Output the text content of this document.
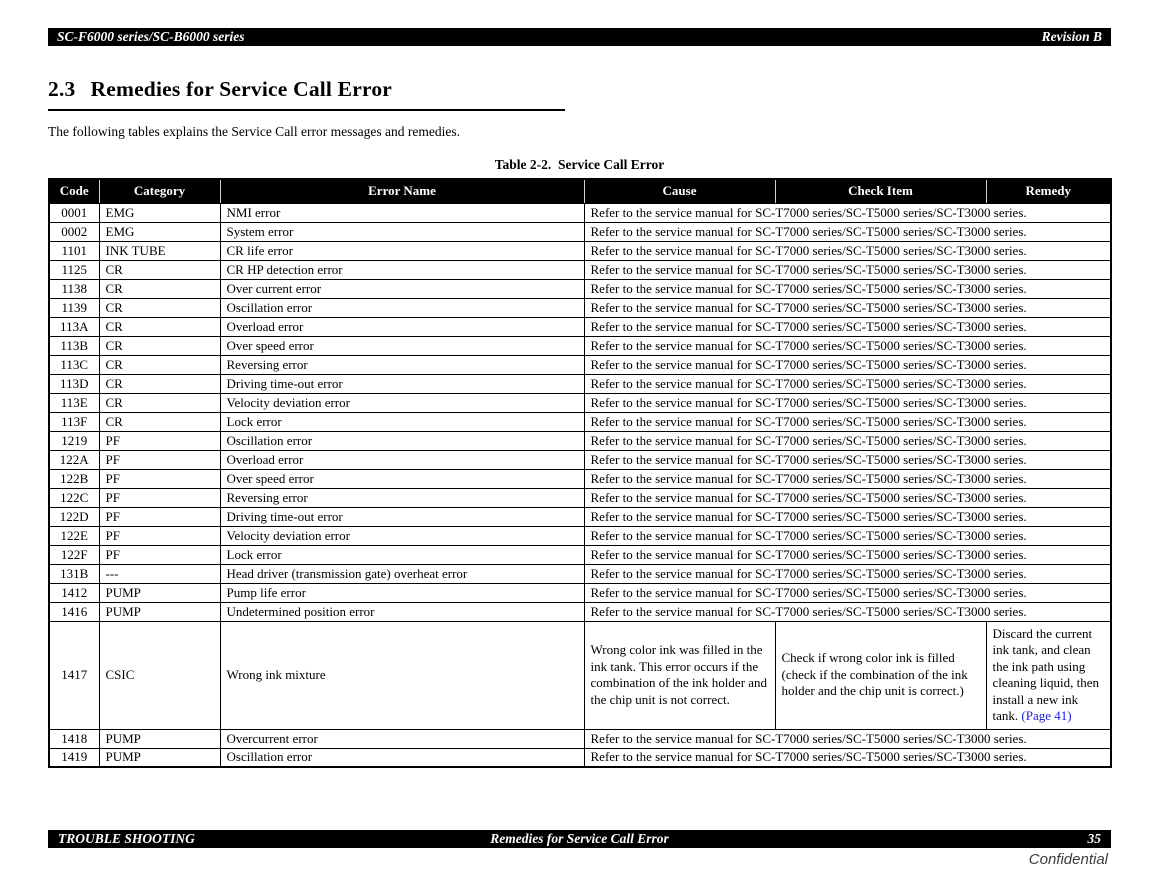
SC-F6000 series/SC-B6000 series	Revision B
2.3 Remedies for Service Call Error

The following tables explains the Service Call error messages and remedies.

Table 2-2.  Service Call Error
Code	Category	Error Name	Cause	Check Item	Remedy
0001	EMG	NMI error	Refer to the service manual for SC-T7000 series/SC-T5000 series/SC-T3000 series.		
0002	EMG	System error	Refer to the service manual for SC-T7000 series/SC-T5000 series/SC-T3000 series.		
1101	INK TUBE	CR life error	Refer to the service manual for SC-T7000 series/SC-T5000 series/SC-T3000 series.		
1125	CR	CR HP detection error	Refer to the service manual for SC-T7000 series/SC-T5000 series/SC-T3000 series.		
1138	CR	Over current error	Refer to the service manual for SC-T7000 series/SC-T5000 series/SC-T3000 series.		
1139	CR	Oscillation error	Refer to the service manual for SC-T7000 series/SC-T5000 series/SC-T3000 series.		
113A	CR	Overload error	Refer to the service manual for SC-T7000 series/SC-T5000 series/SC-T3000 series.		
113B	CR	Over speed error	Refer to the service manual for SC-T7000 series/SC-T5000 series/SC-T3000 series.		
113C	CR	Reversing error	Refer to the service manual for SC-T7000 series/SC-T5000 series/SC-T3000 series.		
113D	CR	Driving time-out error	Refer to the service manual for SC-T7000 series/SC-T5000 series/SC-T3000 series.		
113E	CR	Velocity deviation error	Refer to the service manual for SC-T7000 series/SC-T5000 series/SC-T3000 series.		
113F	CR	Lock error	Refer to the service manual for SC-T7000 series/SC-T5000 series/SC-T3000 series.		
1219	PF	Oscillation error	Refer to the service manual for SC-T7000 series/SC-T5000 series/SC-T3000 series.		
122A	PF	Overload error	Refer to the service manual for SC-T7000 series/SC-T5000 series/SC-T3000 series.		
122B	PF	Over speed error	Refer to the service manual for SC-T7000 series/SC-T5000 series/SC-T3000 series.		
122C	PF	Reversing error	Refer to the service manual for SC-T7000 series/SC-T5000 series/SC-T3000 series.		
122D	PF	Driving time-out error	Refer to the service manual for SC-T7000 series/SC-T5000 series/SC-T3000 series.		
122E	PF	Velocity deviation error	Refer to the service manual for SC-T7000 series/SC-T5000 series/SC-T3000 series.		
122F	PF	Lock error	Refer to the service manual for SC-T7000 series/SC-T5000 series/SC-T3000 series.		
131B	---	Head driver (transmission gate) overheat error	Refer to the service manual for SC-T7000 series/SC-T5000 series/SC-T3000 series.		
1412	PUMP	Pump life error	Refer to the service manual for SC-T7000 series/SC-T5000 series/SC-T3000 series.		
1416	PUMP	Undetermined position error	Refer to the service manual for SC-T7000 series/SC-T5000 series/SC-T3000 series.		
1417	CSIC	Wrong ink mixture	Wrong color ink was filled in the ink tank. This error occurs if the combination of the ink holder and the chip unit is not correct.	Check if wrong color ink is filled (check if the combination of the ink holder and the chip unit is correct.)	Discard the current ink tank, and clean the ink path using cleaning liquid, then install a new ink tank. (Page 41)
1418	PUMP	Overcurrent error	Refer to the service manual for SC-T7000 series/SC-T5000 series/SC-T3000 series.		
1419	PUMP	Oscillation error	Refer to the service manual for SC-T7000 series/SC-T5000 series/SC-T3000 series.		
TROUBLE SHOOTING	Remedies for Service Call Error	35
Confidential
